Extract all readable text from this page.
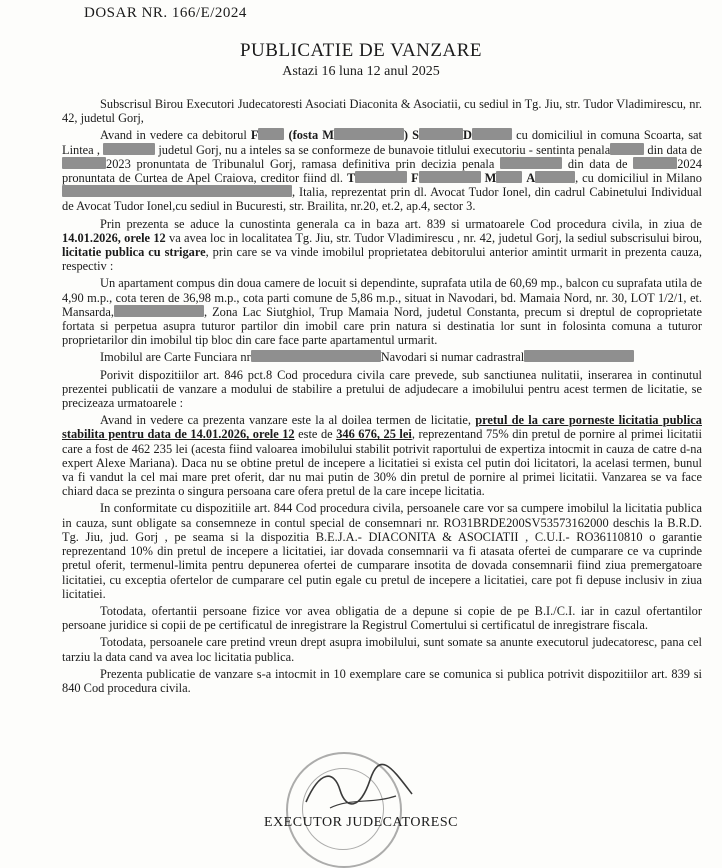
DOSAR NR. 166/E/2024
PUBLICATIE DE VANZARE
Astazi 16 luna 12 anul 2025

Subscrisul Birou Executori Judecatoresti Asociati Diaconita & Asociatii, cu sediul in Tg. Jiu, str. Tudor Vladimirescu, nr. 42, judetul Gorj,

Avand in vedere ca debitorul F (fosta M	) S	D	cu domiciliul in comuna Scoarta, sat Lintea ,	judetul Gorj, nu a inteles sa se conformeze de bunavoie titlului executoriu - sentinta penala	din data de 2023 pronuntata de Tribunalul Gorj, ramasa definitiva prin decizia penala	din data de	2024 pronuntata de Curtea de Apel Craiova, creditor fiind dl. T	F	M A	, cu domiciliul in Milano , Italia, reprezentat prin dl. Avocat Tudor Ionel, din cadrul Cabinetului Individual de Avocat Tudor Ionel,cu sediul in Bucuresti, str. Brailita, nr.20, et.2, ap.4, sector 3.

Prin prezenta se aduce la cunostinta generala ca in baza art. 839 si urmatoarele Cod procedura civila, in ziua de 14.01.2026, orele 12 va avea loc in localitatea Tg. Jiu, str. Tudor Vladimirescu , nr. 42, judetul Gorj, la sediul subscrisului birou, licitatie publica cu strigare, prin care se va vinde imobilul proprietatea debitorului anterior amintit urmarit in prezenta cauza, respectiv :

Un apartament compus din doua camere de locuit si dependinte, suprafata utila de 60,69 mp., balcon cu suprafata utila de 4,90 m.p., cota teren de 36,98 m.p., cota parti comune de 5,86 m.p., situat in Navodari, bd. Mamaia Nord, nr. 30, LOT 1/2/1, et. Mansarda,	, Zona Lac Siutghiol, Trup Mamaia Nord, judetul Constanta, precum si dreptul de coproprietate fortata si perpetua asupra tuturor partilor din imobil care prin natura si destinatia lor sunt in folosinta comuna a tuturor proprietarilor din imobilul tip bloc din care face parte apartamentul urmarit.

Imobilul are Carte Funciara nr	Navodari si numar cadrastral

Porivit dispozitiilor art. 846 pct.8 Cod procedura civila care prevede, sub sanctiunea nulitatii, inserarea in continutul prezentei publicatii de vanzare a modului de stabilire a pretului de adjudecare a imobilului pentru acest termen de licitatie, se precizeaza urmatoarele :

Avand in vedere ca prezenta vanzare este la al doilea termen de licitatie, pretul de la care porneste licitatia publica stabilita pentru data de 14.01.2026, orele 12 este de 346 676, 25 lei, reprezentand 75% din pretul de pornire al primei licitatii care a fost de 462 235 lei (acesta fiind valoarea imobilului stabilit potrivit raportului de expertiza intocmit in cauza de catre d-na expert Alexe Mariana). Daca nu se obtine pretul de incepere a licitatiei si exista cel putin doi licitatori, la acelasi termen, bunul va fi vandut la cel mai mare pret oferit, dar nu mai putin de 30% din pretul de pornire al primei licitatii. Vanzarea se va face chiard daca se prezinta o singura persoana care ofera pretul de la care incepe licitatia.

In conformitate cu dispozitiile art. 844 Cod procedura civila, persoanele care vor sa cumpere imobilul la licitatia publica in cauza, sunt obligate sa consemneze in contul special de consemnari nr. RO31BRDE200SV53573162000 deschis la B.R.D. Tg. Jiu, jud. Gorj , pe seama si la dispozitia B.E.J.A.- DIACONITA & ASOCIATII , C.U.I.- RO36110810 o garantie reprezentand 10% din pretul de incepere a licitatiei, iar dovada consemnarii va fi atasata ofertei de cumparare ce va cuprinde pretul oferit, termenul-limita pentru depunerea ofertei de cumparare insotita de dovada consemnarii fiind ziua premergatoare licitatiei, cu exceptia ofertelor de cumparare cel putin egale cu pretul de incepere a licitatiei, care pot fi depuse inclusiv in ziua licitatiei.

Totodata, ofertantii persoane fizice vor avea obligatia de a depune si copie de pe B.I./C.I. iar in cazul ofertantilor persoane juridice si copii de pe certificatul de inregistrare la Registrul Comertului si certificatul de inregistrare fiscala.

Totodata, persoanele care pretind vreun drept asupra imobilului, sunt somate sa anunte executorul judecatoresc, pana cel tarziu la data cand va avea loc licitatia publica.

Prezenta publicatie de vanzare s-a intocmit in 10 exemplare care se comunica si publica potrivit dispozitiilor art. 839 si 840 Cod procedura civila.

EXECUTOR JUDECATORESC
